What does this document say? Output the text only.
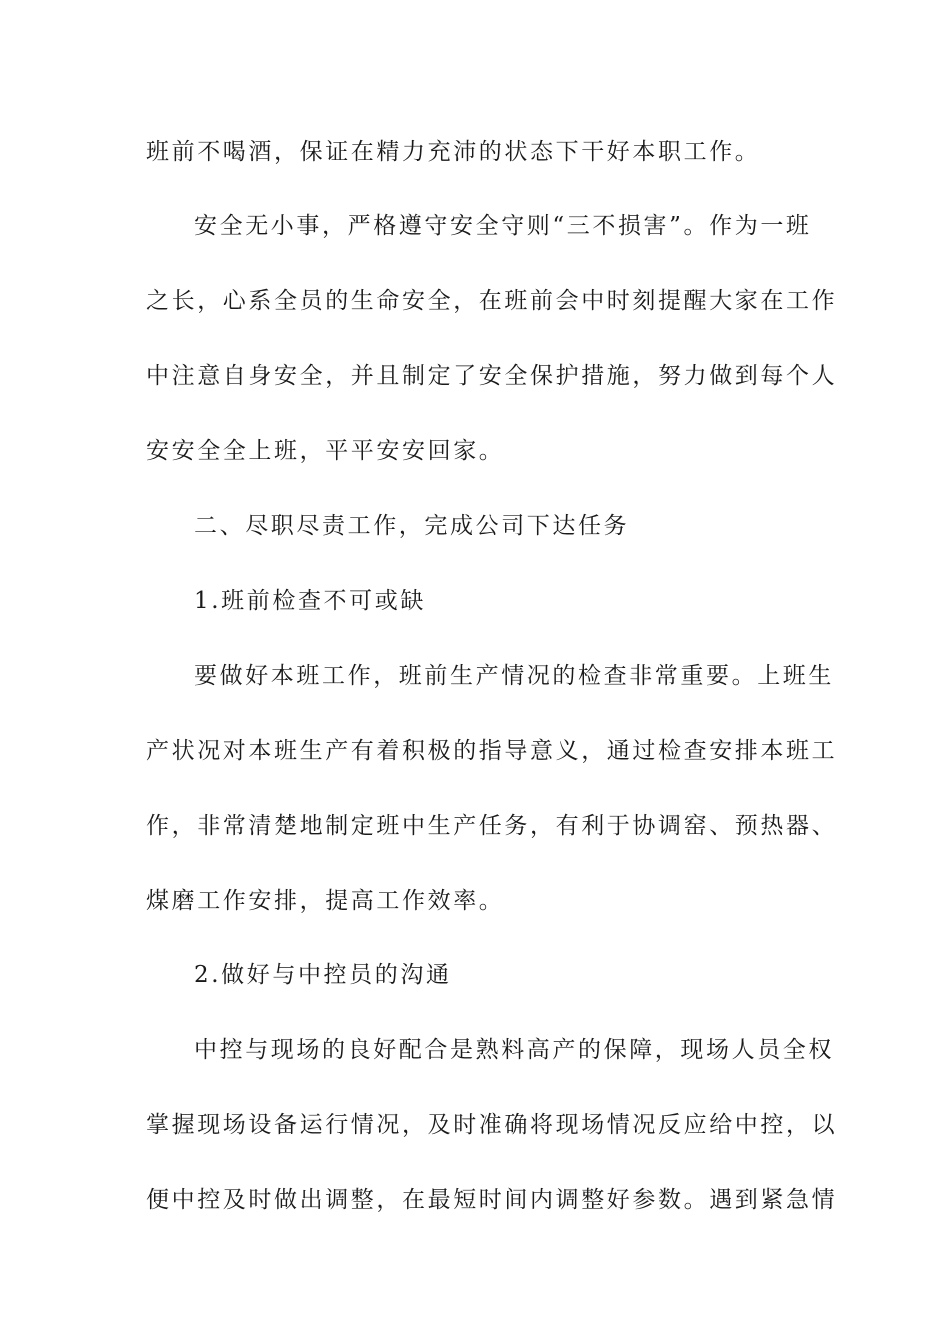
班前不喝酒，保证在精力充沛的状态下干好本职工作。
安全无小事，严格遵守安全守则“三不损害”。作为一班
之长，心系全员的生命安全，在班前会中时刻提醒大家在工作
中注意自身安全，并且制定了安全保护措施，努力做到每个人
安安全全上班，平平安安回家。
二、尽职尽责工作，完成公司下达任务
1.班前检查不可或缺
要做好本班工作，班前生产情况的检查非常重要。上班生
产状况对本班生产有着积极的指导意义，通过检查安排本班工
作，非常清楚地制定班中生产任务，有利于协调窑、预热器、
煤磨工作安排，提高工作效率。
2.做好与中控员的沟通
中控与现场的良好配合是熟料高产的保障，现场人员全权
掌握现场设备运行情况，及时准确将现场情况反应给中控，以
便中控及时做出调整，在最短时间内调整好参数。遇到紧急情
